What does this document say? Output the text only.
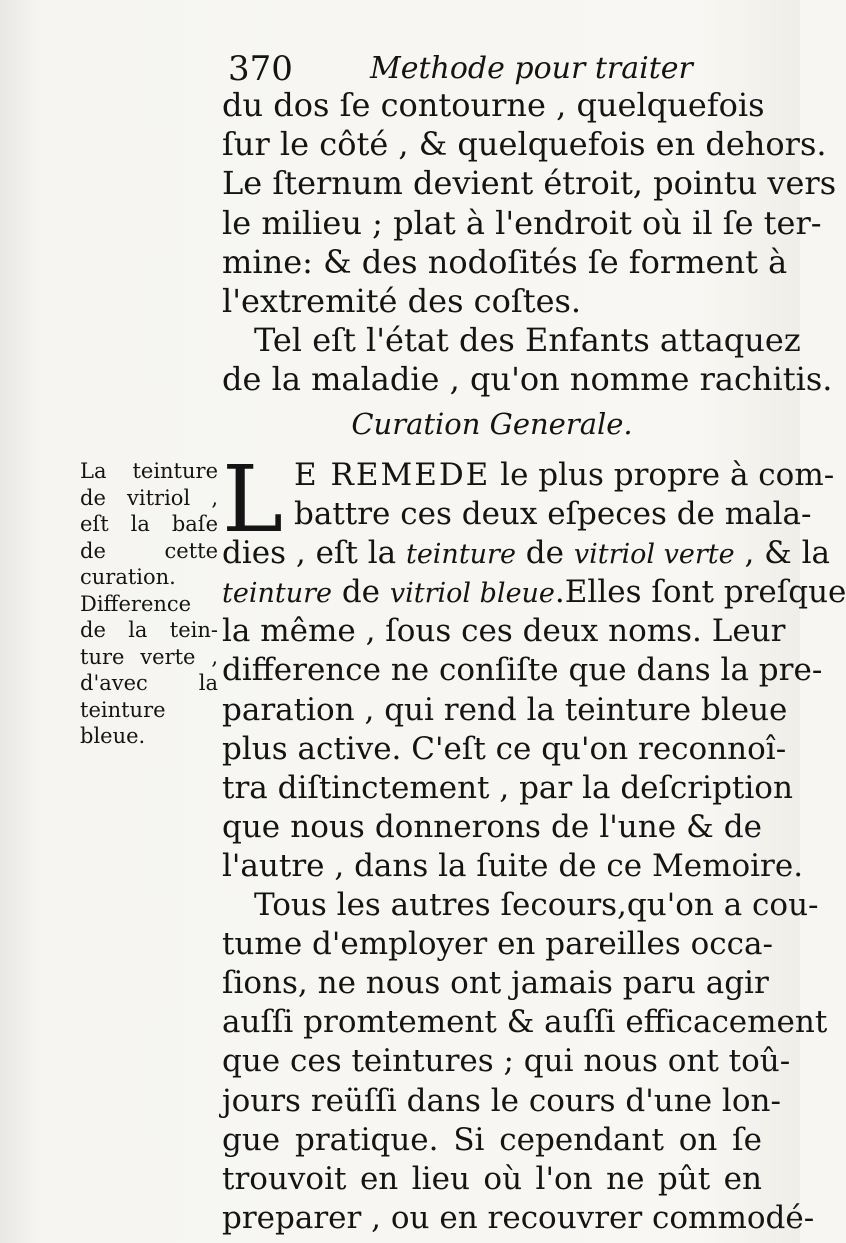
370	Methode pour traiter
du dos ſe contourne , quelquefois
ſur le côté , & quelquefois en dehors.
Le ſternum devient étroit, pointu vers
le milieu ; plat à l'endroit où il ſe ter-
mine: & des nodoſités ſe forment à
l'extremité des coſtes.
Tel eſt l'état des Enfants attaquez
de la maladie , qu'on nomme rachitis.
Curation Generale.
L E REMEDE le plus propre à com-
battre ces deux eſpeces de mala-
dies , eſt la teinture de vitriol verte , & la
teinture de vitriol bleue.Elles ſont preſque
la même , ſous ces deux noms. Leur
difference ne conſiſte que dans la pre-
paration , qui rend la teinture bleue
plus active. C'eſt ce qu'on reconnoî-
tra diſtinctement , par la deſcription
que nous donnerons de l'une & de
l'autre , dans la ſuite de ce Memoire.
Tous les autres ſecours,qu'on a cou-
tume d'employer en pareilles occa-
ſions, ne nous ont jamais paru agir
auſſi promtement & auſſi efficacement
que ces teintures ; qui nous ont toû-
jours reüſſi dans le cours d'une lon-
gue pratique. Si cependant on ſe
trouvoit en lieu où l'on ne pût en
preparer , ou en recouvrer commodé-
La teinture
de vitriol ,
eſt la baſe
de cette
curation.
Difference
de la tein-
ture verte ,
d'avec la
teinture
bleue.
